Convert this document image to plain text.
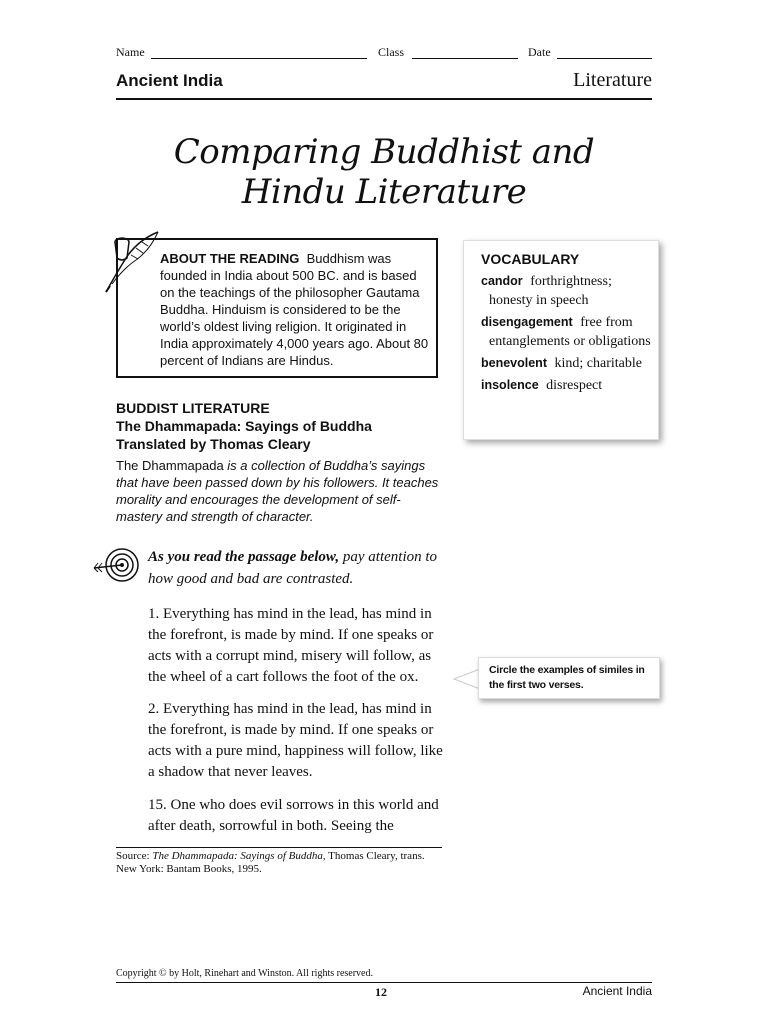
Name	Class	Date
Ancient India	Literature
Comparing Buddhist and
Hindu Literature
ABOUT THE READING Buddhism was founded in India about 500 BC. and is based on the teachings of the philosopher Gautama Buddha. Hinduism is considered to be the world’s oldest living religion. It originated in India approximately 4,000 years ago. About 80 percent of Indians are Hindus.
VOCABULARY
candor forthrightness; honesty in speech
disengagement free from entanglements or obligations
benevolent kind; charitable
insolence disrespect
BUDDIST LITERATURE
The Dhammapada: Sayings of Buddha
Translated by Thomas Cleary
The Dhammapada is a collection of Buddha’s sayings that have been passed down by his followers. It teaches morality and encourages the development of self-mastery and strength of character.
As you read the passage below, pay attention to how good and bad are contrasted.
1. Everything has mind in the lead, has mind in the forefront, is made by mind. If one speaks or acts with a corrupt mind, misery will follow, as the wheel of a cart follows the foot of the ox.
2. Everything has mind in the lead, has mind in the forefront, is made by mind. If one speaks or acts with a pure mind, happiness will follow, like a shadow that never leaves.
15. One who does evil sorrows in this world and after death, sorrowful in both. Seeing the
Circle the examples of similes in the first two verses.
Source: The Dhammapada: Sayings of Buddha, Thomas Cleary, trans. New York: Bantam Books, 1995.
Copyright © by Holt, Rinehart and Winston. All rights reserved.
12	Ancient India
